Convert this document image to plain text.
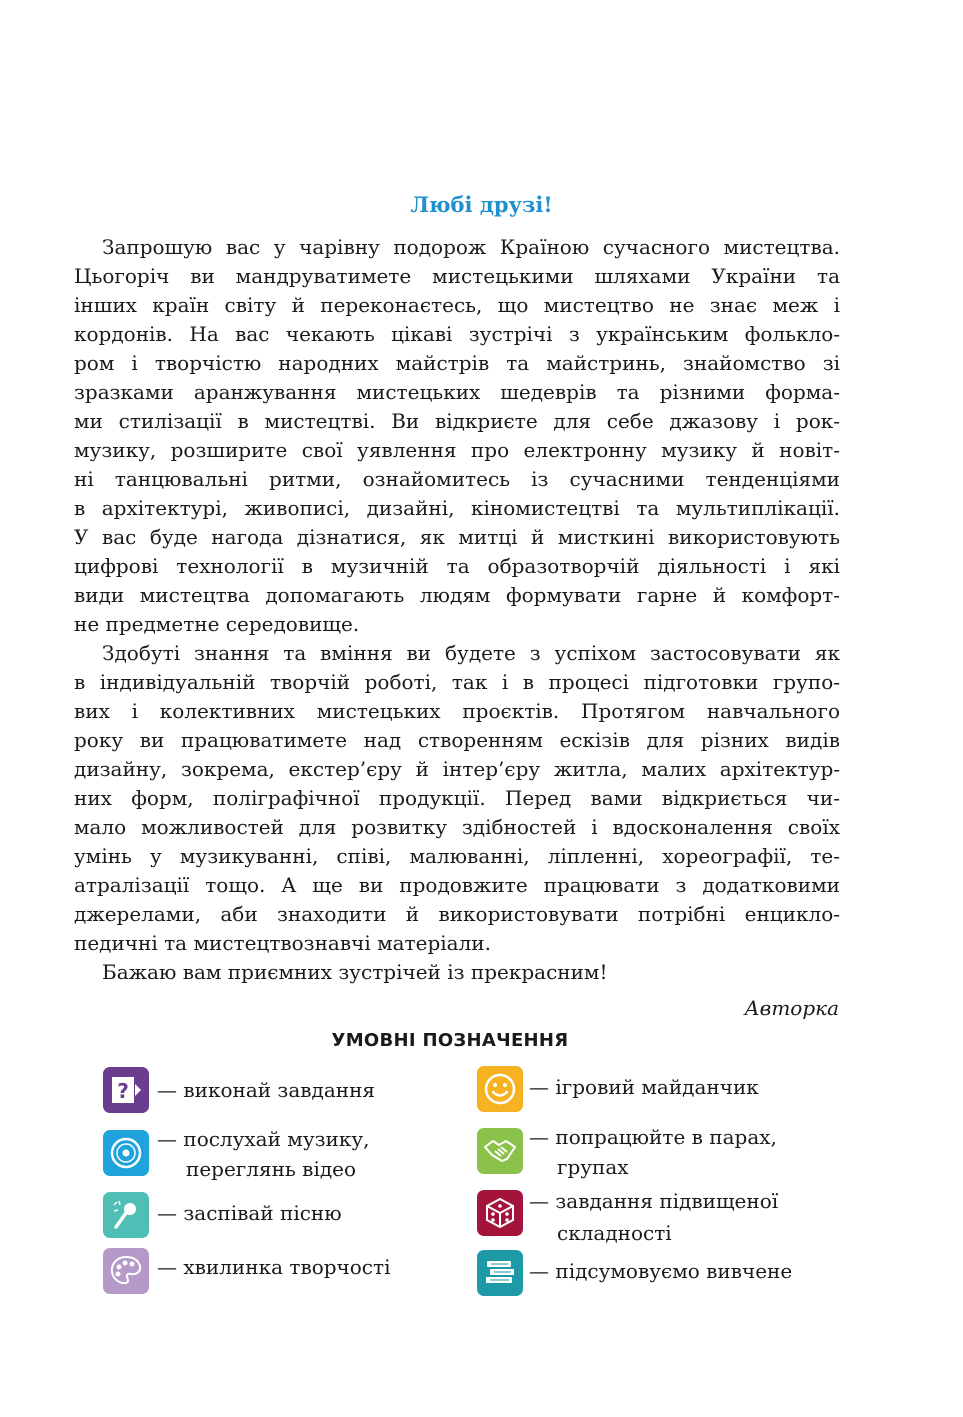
Любі друзі!
Запрошую вас у чарівну подорож Країною сучасного мистецтва.
Цьогоріч ви мандруватимете мистецькими шляхами України та
інших країн світу й переконаєтесь, що мистецтво не знає меж і
кордонів. На вас чекають цікаві зустрічі з українським фольклo-
ром і творчістю народних майстрів та майстринь, знайомство зі
зразками аранжування мистецьких шедеврів та різними форма-
ми стилізації в мистецтві. Ви відкриєте для себе джазову і рок-
музику, розширите свої уявлення про електронну музику й новіт-
ні танцювальні ритми, ознайомитесь із сучасними тенденціями
в архітектурі, живописі, дизайні, кіномистецтві та мультиплікації.
У вас буде нагода дізнатися, як митці й мисткині використовують
цифрові технології в музичній та образотворчій діяльності і які
види мистецтва допомагають людям формувати гарне й комфорт-
не предметне середовище.
Здобуті знання та вміння ви будете з успіхом застосовувати як
в індивідуальній творчій роботі, так і в процесі підготовки групо-
вих і колективних мистецьких проєктів. Протягом навчального
року ви працюватимете над створенням ескізів для різних видів
дизайну, зокрема, екстер’єру й інтер’єру житла, малих архітектур-
них форм, поліграфічної продукції. Перед вами відкриється чи-
мало можливостей для розвитку здібностей і вдосконалення своїх
умінь у музикуванні, співі, малюванні, ліпленні, хореографії, те-
атралізації тощо. А ще ви продовжите працювати з додатковими
джерелами, аби знаходити й використовувати потрібні енцикло-
педичні та мистецтвознавчі матеріали.
Бажаю вам приємних зустрічей із прекрасним!
Авторка
УМОВНІ ПОЗНАЧЕННЯ
? — виконай завдання
— послухай музику,
переглянь відео
— заспівай пісню
— хвилинка творчості
— ігровий майданчик
— попрацюйте в парах,
групах
— завдання підвищеної
складності
— підсумовуємо вивчене
